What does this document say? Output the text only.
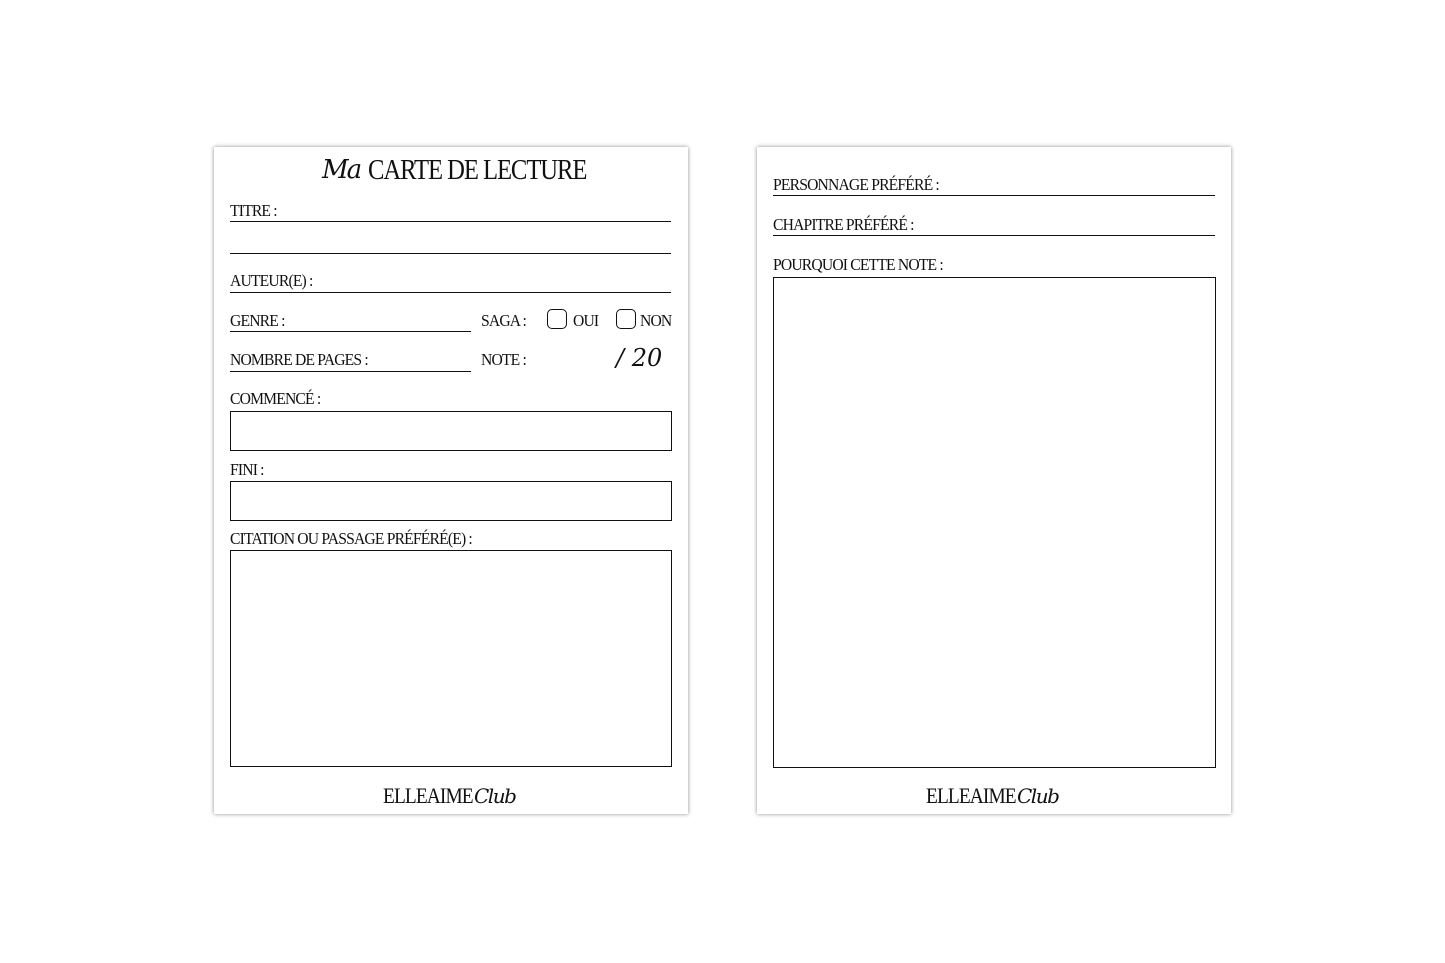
Ma CARTE DE LECTURE
TITRE :
AUTEUR(E) :
GENRE :	SAGA :	OUI NON
NOMBRE DE PAGES :	NOTE :	/ 20
COMMENCÉ :
FINI :
CITATION OU PASSAGE PRÉFÉRÉ(E) :
ELLEAIME Club
PERSONNAGE PRÉFÉRÉ :
CHAPITRE PRÉFÉRÉ :
POURQUOI CETTE NOTE :
ELLEAIME Club
